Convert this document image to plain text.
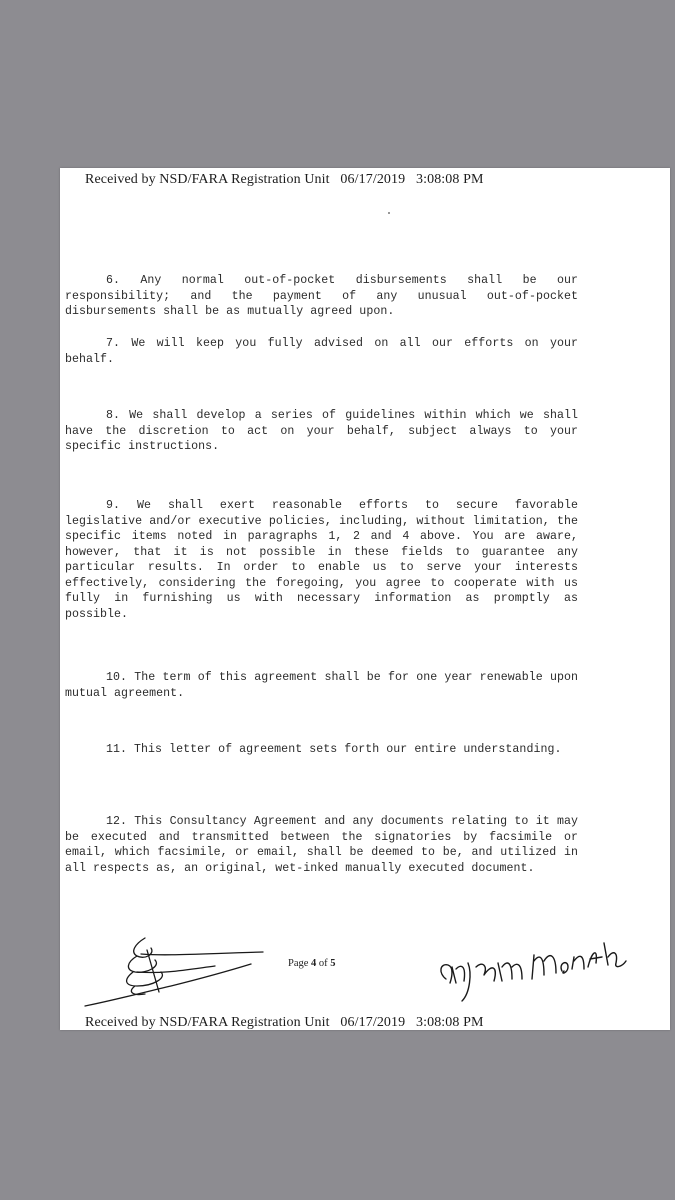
Received by NSD/FARA Registration Unit   06/17/2019   3:08:08 PM

6. Any normal out-of-pocket disbursements shall be our responsibility; and the payment of any unusual out-of-pocket disbursements shall be as mutually agreed upon.

7. We will keep you fully advised on all our efforts on your behalf.

8. We shall develop a series of guidelines within which we shall have the discretion to act on your behalf, subject always to your specific instructions.

9. We shall exert reasonable efforts to secure favorable legislative and/or executive policies, including, without limitation, the specific items noted in paragraphs 1, 2 and 4 above. You are aware, however, that it is not possible in these fields to guarantee any particular results. In order to enable us to serve your interests effectively, considering the foregoing, you agree to cooperate with us fully in furnishing us with necessary information as promptly as possible.

10. The term of this agreement shall be for one year renewable upon mutual agreement.

11. This letter of agreement sets forth our entire understanding.

12. This Consultancy Agreement and any documents relating to it may be executed and transmitted between the signatories by facsimile or email, which facsimile, or email, shall be deemed to be, and utilized in all respects as, an original, wet-inked manually executed document.

Page 4 of 5
Received by NSD/FARA Registration Unit   06/17/2019   3:08:08 PM
